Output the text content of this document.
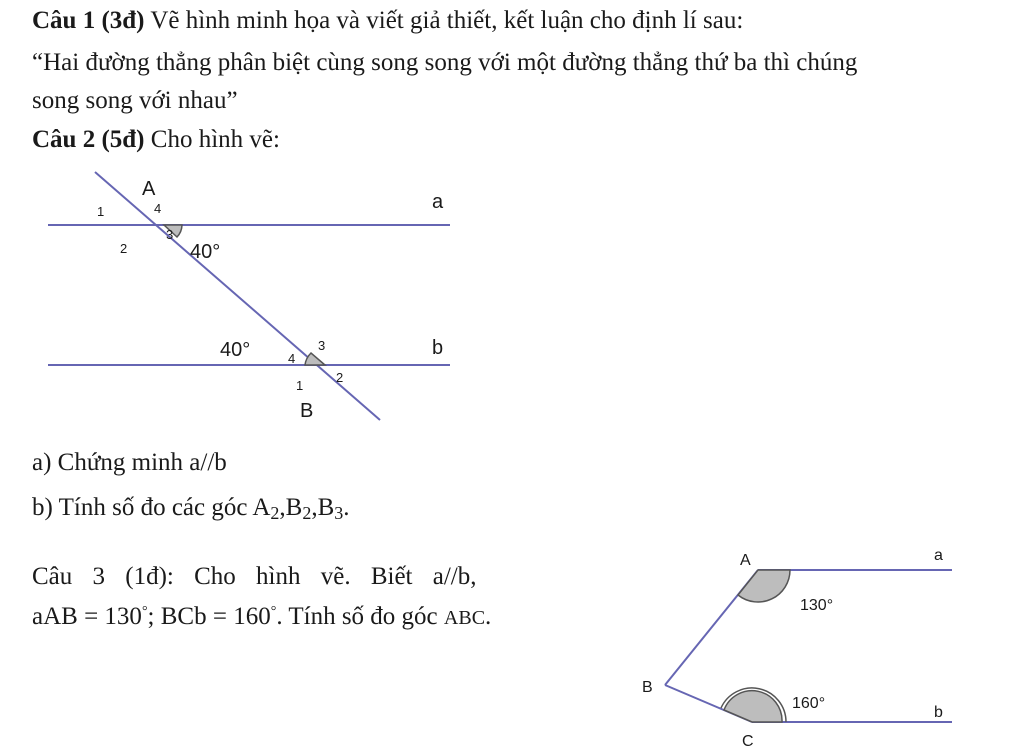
Câu 1 (3đ) Vẽ hình minh họa và viết giả thiết, kết luận cho định lí sau:
“Hai đường thẳng phân biệt cùng song song với một đường thẳng thứ ba thì chúng
song song với nhau”
Câu 2 (5đ) Cho hình vẽ:
A
a
1	4
2
3
40°
40°	4
3	b
1
2
B
a) Chứng minh a//b
b) Tính số đo các góc A2,B2,B3.
Câu 3 (1đ): Cho hình vẽ. Biết a//b,
aAB = 130°; BCb = 160°. Tính số đo góc ABC.
A	a
130°
B
160°
b
C
